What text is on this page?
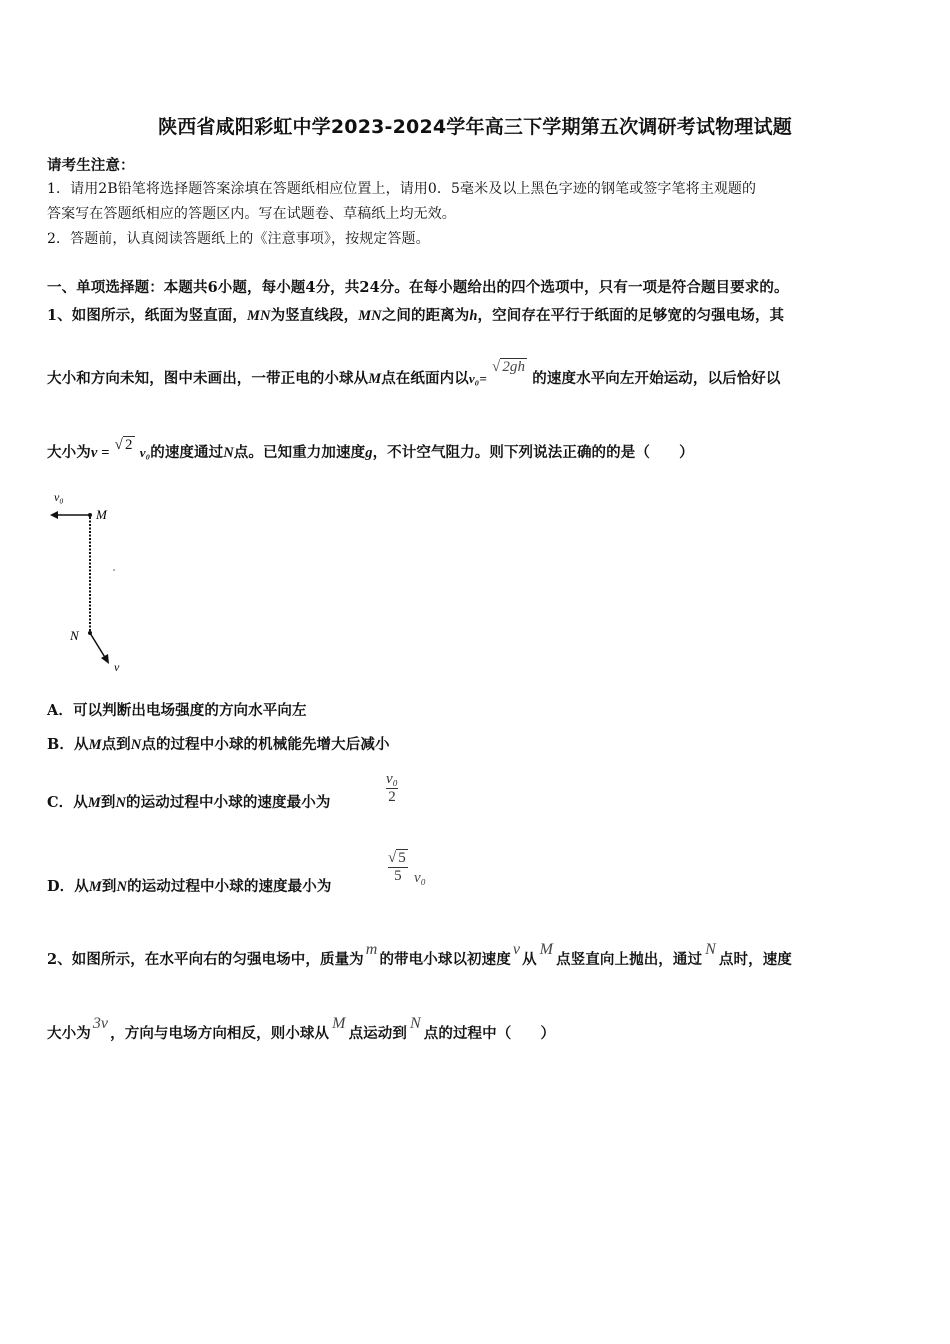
陕西省咸阳彩虹中学2023-2024学年高三下学期第五次调研考试物理试题
请考生注意：
1．请用2B铅笔将选择题答案涂填在答题纸相应位置上，请用0．5毫米及以上黑色字迹的钢笔或签字笔将主观题的
答案写在答题纸相应的答题区内。写在试题卷、草稿纸上均无效。
2．答题前，认真阅读答题纸上的《注意事项》，按规定答题。
一、单项选择题：本题共6小题，每小题4分，共24分。在每小题给出的四个选项中，只有一项是符合题目要求的。
1、如图所示，纸面为竖直面，MN为竖直线段，MN之间的距离为h，空间存在平行于纸面的足够宽的匀强电场，其
大小和方向未知，图中未画出，一带正电的小球从M点在纸面内以v₀= √ 2gh 的速度水平向左开始运动，以后恰好以
大小为v = √ 2 v₀的速度通过N点。已知重力加速度g，不计空气阻力。则下列说法正确的的是（　　）
v₀
M
N
v
A．可以判断出电场强度的方向水平向左
B．从M点到N点的过程中小球的机械能先增大后减小
C．从M到N的运动过程中小球的速度最小为
v₀
2
D．从M到N的运动过程中小球的速度最小为
√ 5
5 v₀
2、如图所示，在水平向右的匀强电场中，质量为m的带电小球以初速度v从M点竖直向上抛出，通过N点时，速度
大小为3v，方向与电场方向相反，则小球从M点运动到N点的过程中（　　）
